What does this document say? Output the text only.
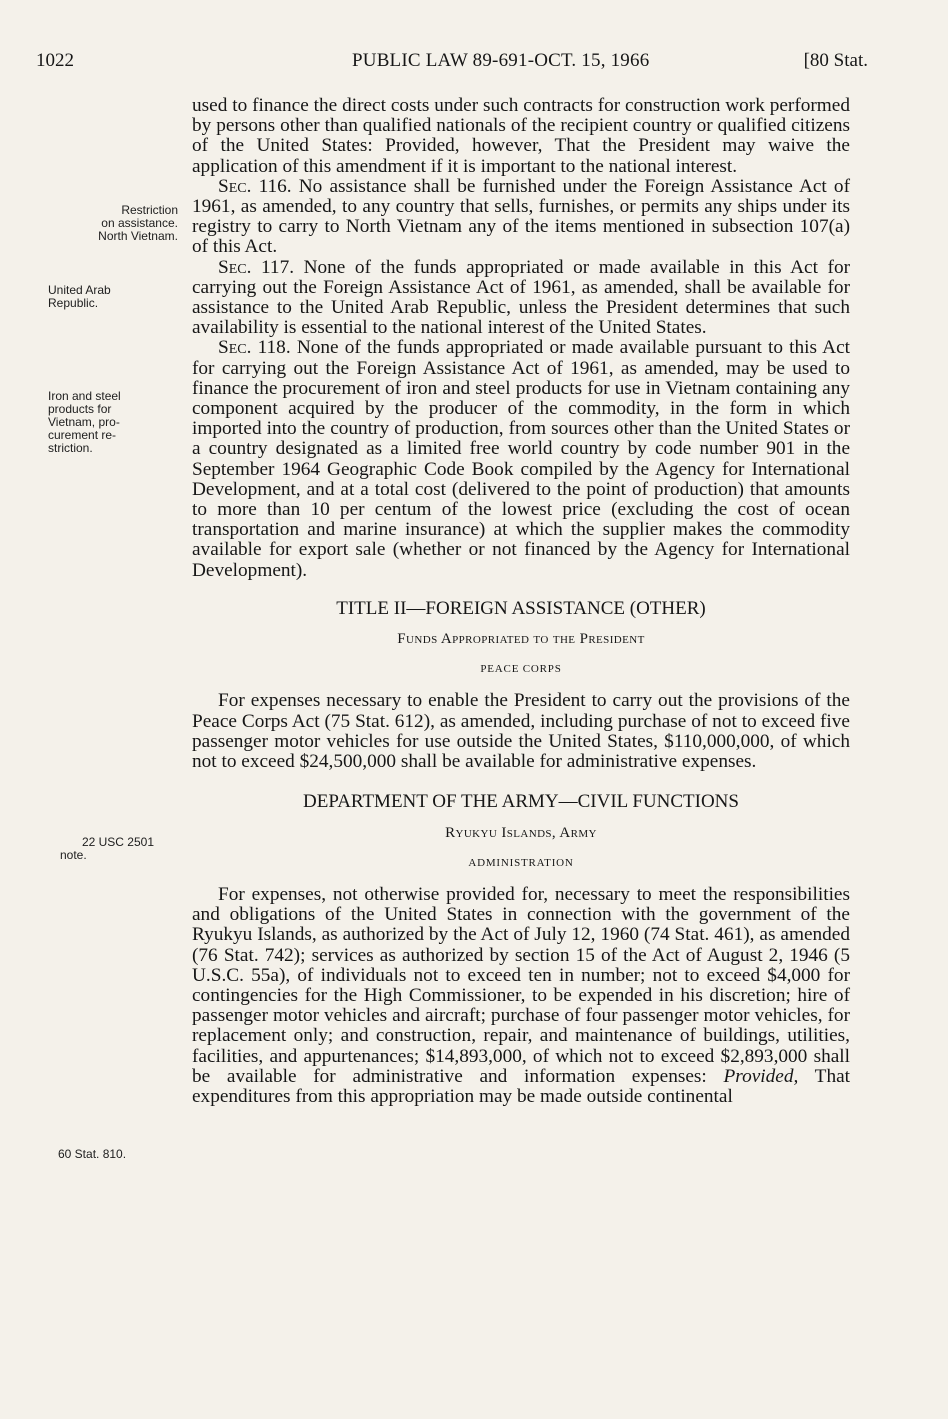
1022	PUBLIC LAW 89-691-OCT. 15, 1966	[80 Stat.
Restriction
on assistance.
North Vietnam.
United Arab
Republic.
Iron and steel
products for
Vietnam, pro-
curement re-
striction.
22 USC 2501
note.
60 Stat. 810.

used to finance the direct costs under such contracts for construction work performed by persons other than qualified nationals of the recipient country or qualified citizens of the United States: Provided, however, That the President may waive the application of this amendment if it is important to the national interest.

Sec. 116. No assistance shall be furnished under the Foreign Assistance Act of 1961, as amended, to any country that sells, furnishes, or permits any ships under its registry to carry to North Vietnam any of the items mentioned in subsection 107(a) of this Act.

Sec. 117. None of the funds appropriated or made available in this Act for carrying out the Foreign Assistance Act of 1961, as amended, shall be available for assistance to the United Arab Republic, unless the President determines that such availability is essential to the national interest of the United States.

Sec. 118. None of the funds appropriated or made available pursuant to this Act for carrying out the Foreign Assistance Act of 1961, as amended, may be used to finance the procurement of iron and steel products for use in Vietnam containing any component acquired by the producer of the commodity, in the form in which imported into the country of production, from sources other than the United States or a country designated as a limited free world country by code number 901 in the September 1964 Geographic Code Book compiled by the Agency for International Development, and at a total cost (delivered to the point of production) that amounts to more than 10 per centum of the lowest price (excluding the cost of ocean transportation and marine insurance) at which the supplier makes the commodity available for export sale (whether or not financed by the Agency for International Development).

TITLE II—FOREIGN ASSISTANCE (OTHER)
Funds Appropriated to the President
PEACE CORPS

For expenses necessary to enable the President to carry out the provisions of the Peace Corps Act (75 Stat. 612), as amended, including purchase of not to exceed five passenger motor vehicles for use outside the United States, $110,000,000, of which not to exceed $24,500,000 shall be available for administrative expenses.

DEPARTMENT OF THE ARMY—CIVIL FUNCTIONS
Ryukyu Islands, Army
ADMINISTRATION

For expenses, not otherwise provided for, necessary to meet the responsibilities and obligations of the United States in connection with the government of the Ryukyu Islands, as authorized by the Act of July 12, 1960 (74 Stat. 461), as amended (76 Stat. 742); services as authorized by section 15 of the Act of August 2, 1946 (5 U.S.C. 55a), of individuals not to exceed ten in number; not to exceed $4,000 for contingencies for the High Commissioner, to be expended in his discretion; hire of passenger motor vehicles and aircraft; purchase of four passenger motor vehicles, for replacement only; and construction, repair, and maintenance of buildings, utilities, facilities, and appurtenances; $14,893,000, of which not to exceed $2,893,000 shall be available for administrative and information expenses: Provided, That expenditures from this appropriation may be made outside continental
